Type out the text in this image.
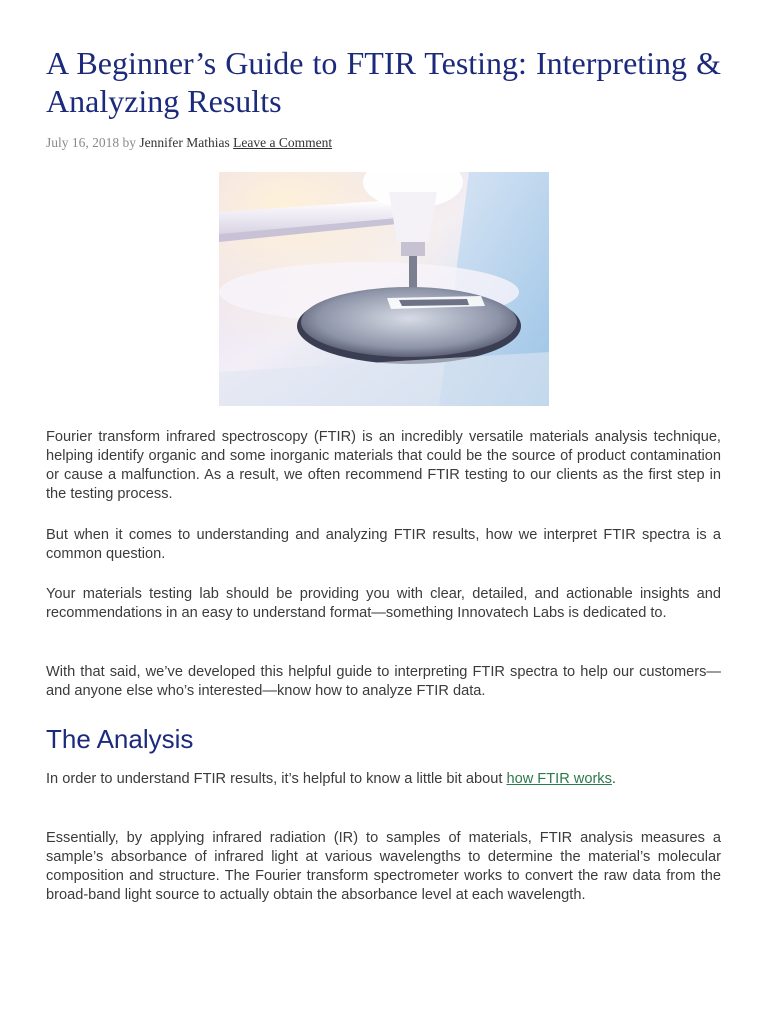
A Beginner’s Guide to FTIR Testing: Interpreting & Analyzing Results
July 16, 2018 by Jennifer Mathias Leave a Comment

Fourier transform infrared spectroscopy (FTIR) is an incredibly versatile materials analysis technique, helping identify organic and some inorganic materials that could be the source of product contamination or cause a malfunction. As a result, we often recommend FTIR testing to our clients as the first step in the testing process.

But when it comes to understanding and analyzing FTIR results, how we interpret FTIR spectra is a common question.

Your materials testing lab should be providing you with clear, detailed, and actionable insights and recommendations in an easy to understand format—something Innovatech Labs is dedicated to.

With that said, we’ve developed this helpful guide to interpreting FTIR spectra to help our customers—and anyone else who’s interested—know how to analyze FTIR data.

The Analysis

In order to understand FTIR results, it’s helpful to know a little bit about how FTIR works.

Essentially, by applying infrared radiation (IR) to samples of materials, FTIR analysis measures a sample’s absorbance of infrared light at various wavelengths to determine the material’s molecular composition and structure. The Fourier transform spectrometer works to convert the raw data from the broad-band light source to actually obtain the absorbance level at each wavelength.
